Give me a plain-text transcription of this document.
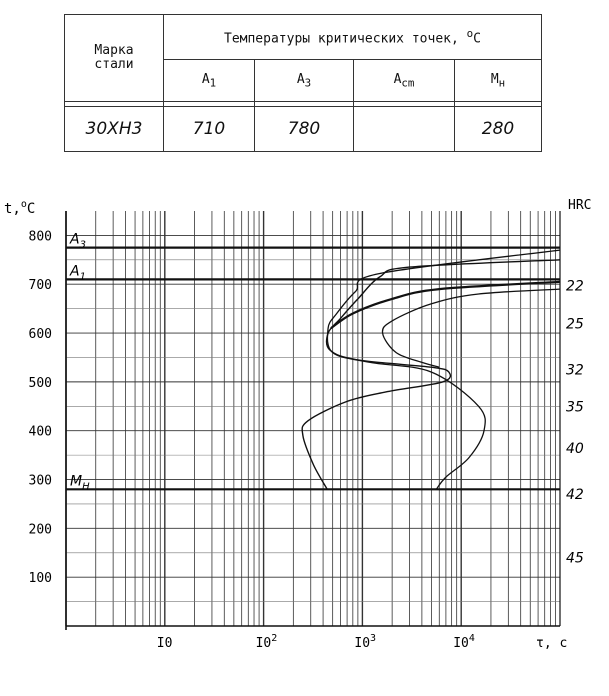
Марка
стали	Температуры критических точек, $^o$C			
	$A_1$	$A_3$	$A_{cm}$	$M_н$

30ХН3	710	780		280
100
200
300
400
500
600
700
800
I0	$I0^2$	$I0^3$	$I0^4$
t,$^o$C	HRC
τ, c
$A_3$
$A_1$
$M_H$
22
25
32
35
40
42
45
